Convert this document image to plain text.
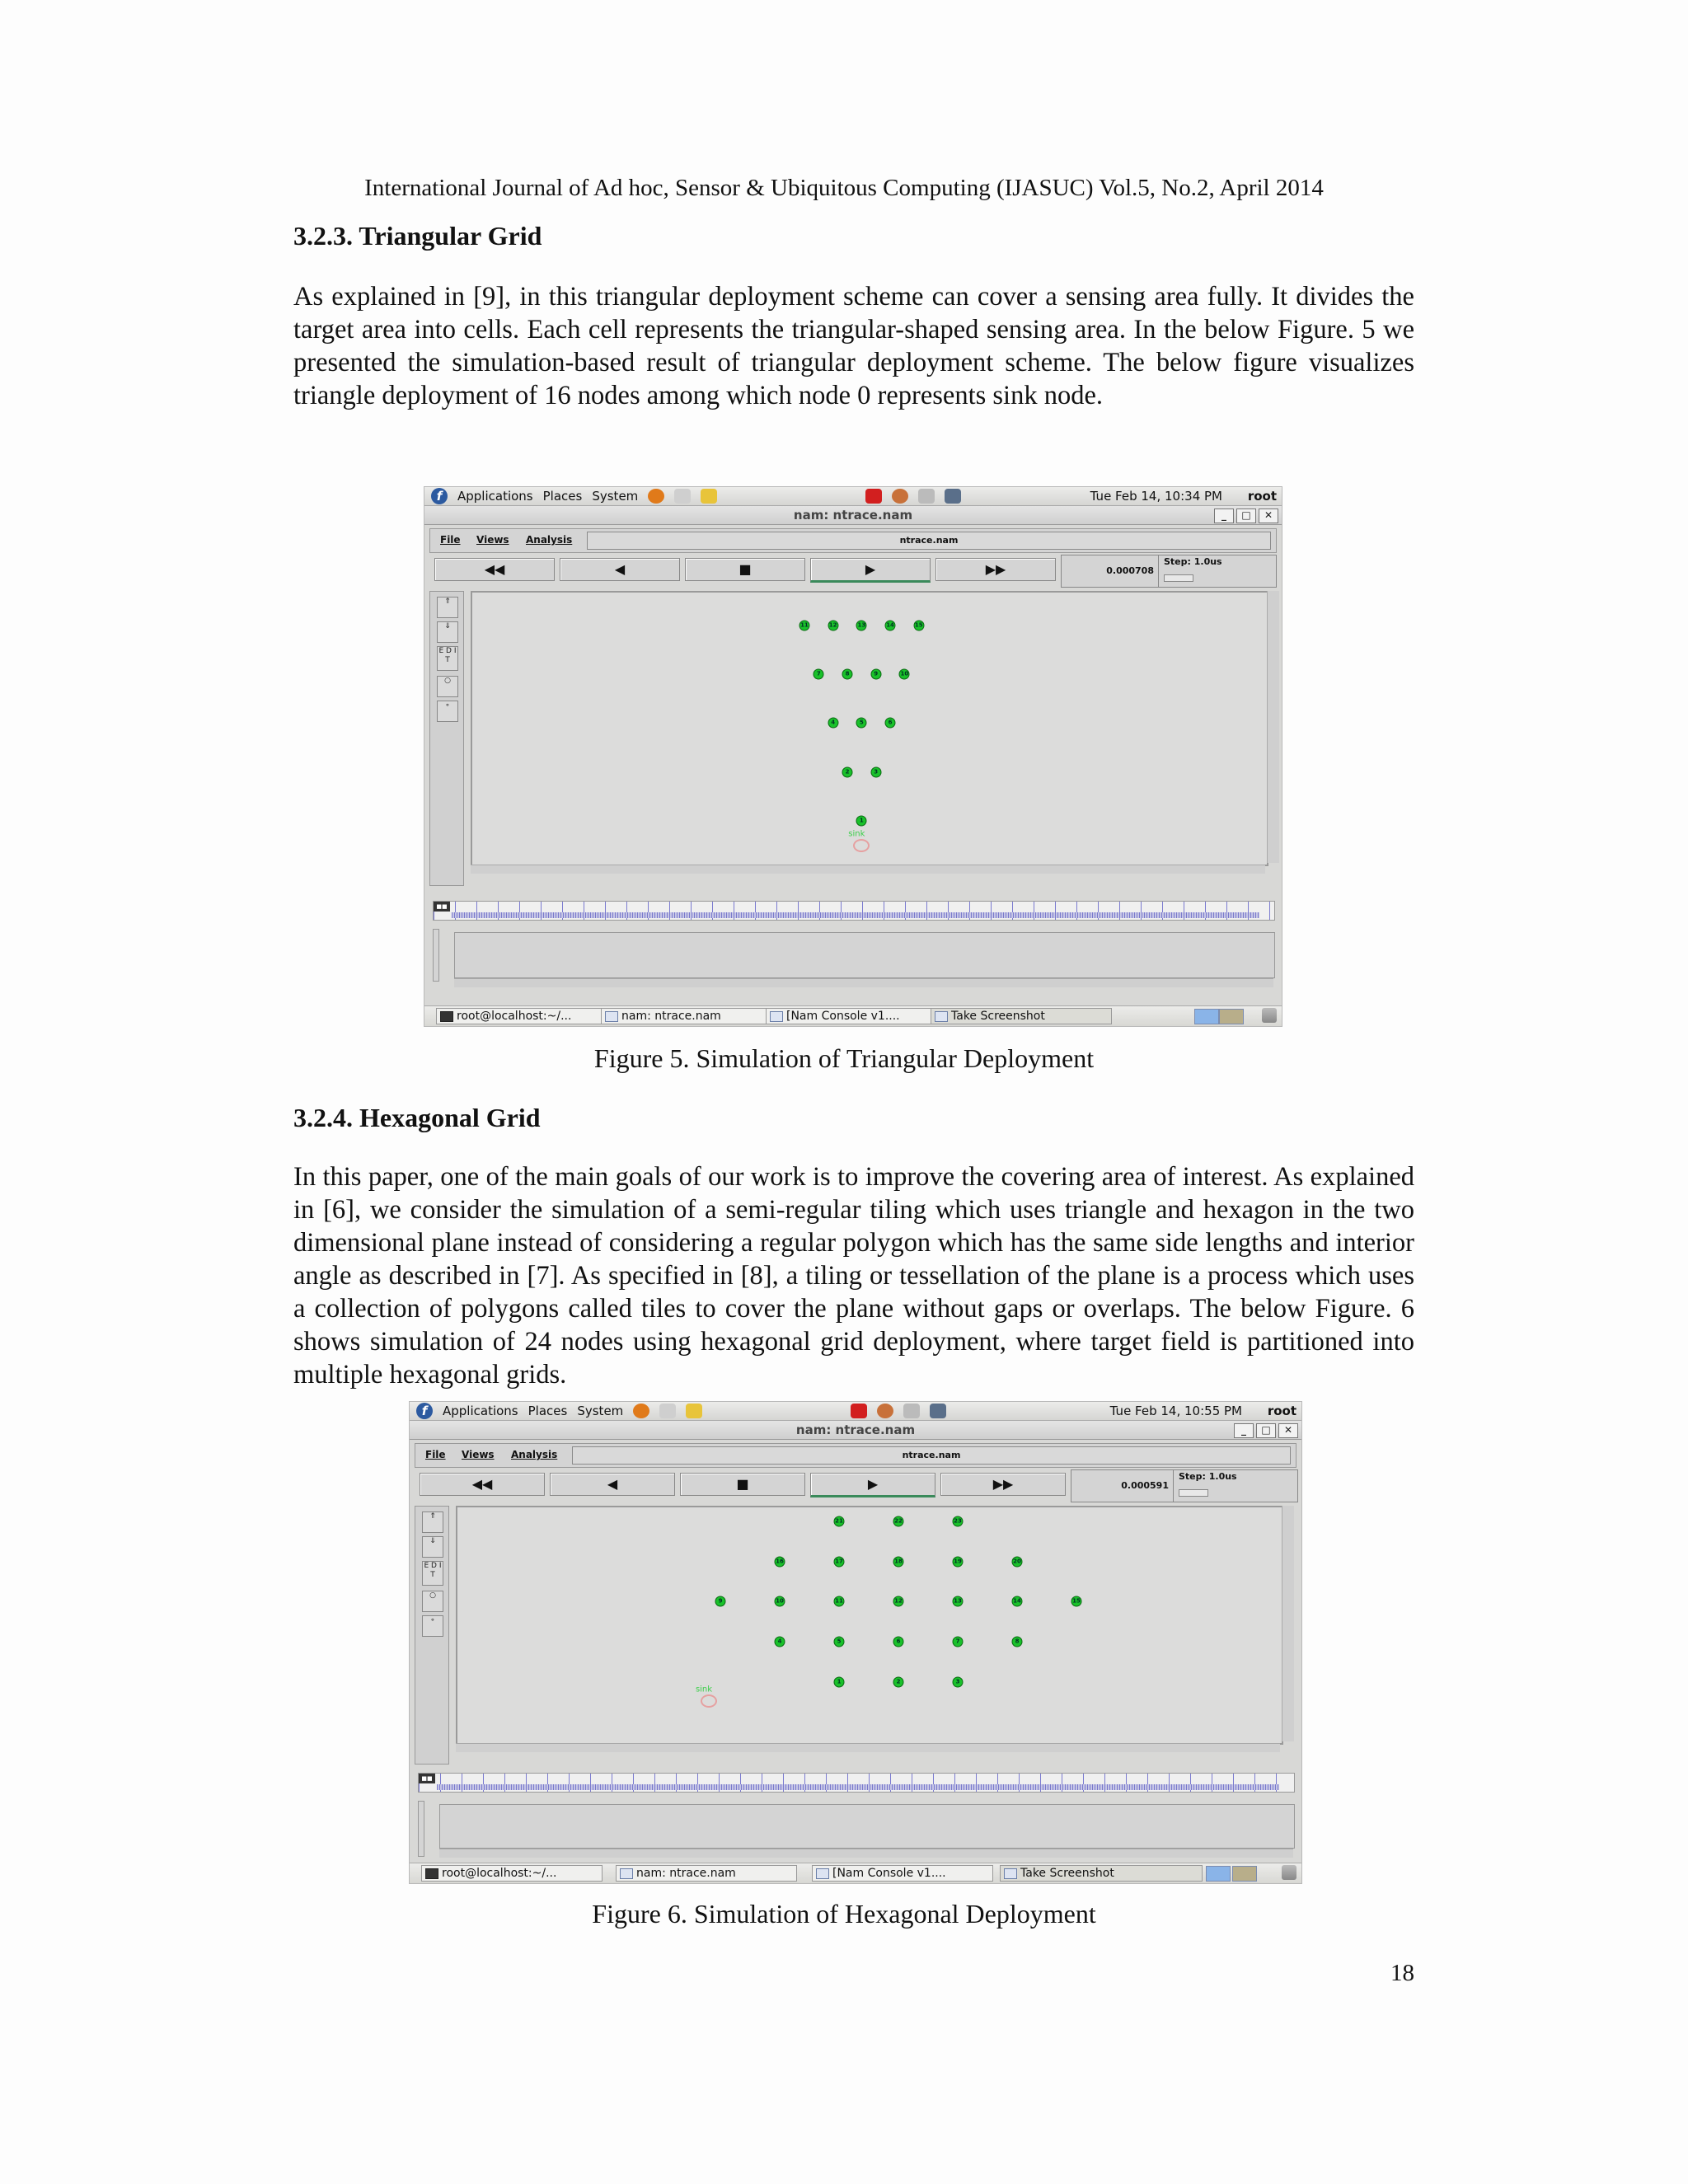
International Journal of Ad hoc, Sensor & Ubiquitous Computing (IJASUC) Vol.5, No.2, April 2014
3.2.3. Triangular Grid

As explained in [9], in this triangular deployment scheme can cover a sensing area fully. It divides the target area into cells. Each cell represents the triangular-shaped sensing area. In the below Figure. 5 we presented the simulation-based result of triangular deployment scheme. The below figure visualizes triangle deployment of 16 nodes among which node 0 represents sink node.

f	Applications Places System	Tue Feb 14, 10:34 PM root
nam: ntrace.nam	_	□	✕
File Views Analysis	ntrace.nam
◀◀	◀	■	▶	▶▶	0.000708
Step: 1.0us
⇑
⇓
E D I T
○
∘
11	12	13	14	15
7	8	9	10
4	5	6
2	3
1
sink
■■
root@localhost:~/...	nam: ntrace.nam	[Nam Console v1....	Take Screenshot
Figure 5. Simulation of Triangular Deployment
3.2.4. Hexagonal Grid

In this paper, one of the main goals of our work is to improve the covering area of interest. As explained in [6], we consider the simulation of a semi-regular tiling which uses triangle and hexagon in the two dimensional plane instead of considering a regular polygon which has the same side lengths and interior angle as described in [7]. As specified in [8], a tiling or tessellation of the plane is a process which uses a collection of polygons called tiles to cover the plane without gaps or overlaps. The below Figure. 6 shows simulation of 24 nodes using hexagonal grid deployment, where target field is partitioned into multiple hexagonal grids.

f	Applications Places System	Tue Feb 14, 10:55 PM root
nam: ntrace.nam	_	□	✕
File Views Analysis	ntrace.nam
◀◀	◀	■	▶	▶▶	0.000591
Step: 1.0us
⇑
⇓
E D I T
○
∘
21	22	23
16	17	18	19	20
9	10	11	12	13	14	15
4	5	6	7	8
1	2	3
sink
■■
root@localhost:~/...	nam: ntrace.nam	[Nam Console v1....	Take Screenshot
Figure 6. Simulation of Hexagonal Deployment
18
